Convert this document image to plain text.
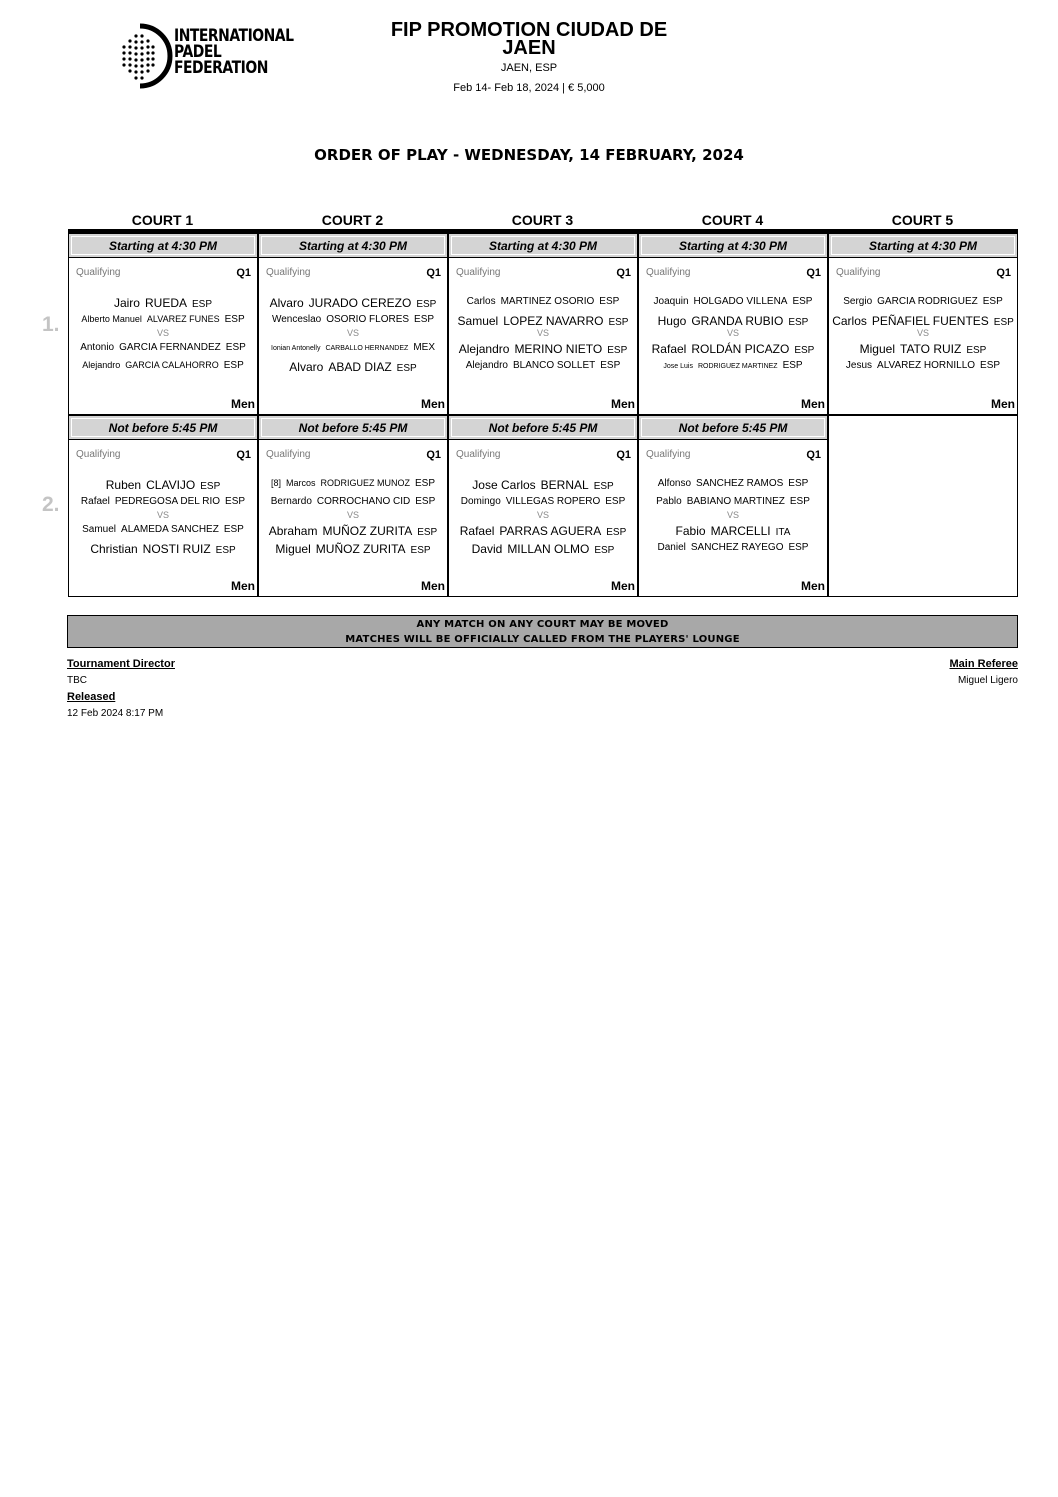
INTERNATIONAL
PADEL
FEDERATION
FIP PROMOTION CIUDAD DE
JAEN
JAEN, ESP
Feb 14- Feb 18, 2024 | € 5,000
ORDER OF PLAY - WEDNESDAY, 14 FEBRUARY, 2024
COURT 1	COURT 2	COURT 3	COURT 4	COURT 5
1.
Starting at 4:30 PM
Qualifying	Q1
Jairo RUEDA ESP
Alberto Manuel ALVAREZ FUNES ESP
Antonio GARCIA FERNANDEZ ESP
Alejandro GARCIA CALAHORRO ESP
VS
Men
Starting at 4:30 PM
Qualifying	Q1
Alvaro JURADO CEREZO ESP
Wenceslao OSORIO FLORES ESP
Ionian Antonelly CARBALLO HERNANDEZ MEX
Alvaro ABAD DIAZ ESP
VS
Men
Starting at 4:30 PM
Qualifying	Q1
Carlos MARTINEZ OSORIO ESP
Samuel LOPEZ NAVARRO ESP
Alejandro MERINO NIETO ESP
Alejandro BLANCO SOLLET ESP
VS
Men
Starting at 4:30 PM
Qualifying	Q1
Joaquin HOLGADO VILLENA ESP
Hugo GRANDA RUBIO ESP
Rafael ROLDÁN PICAZO ESP
Jose Luis RODRIGUEZ MARTINEZ ESP
VS
Men
Starting at 4:30 PM
Qualifying	Q1
Sergio GARCIA RODRIGUEZ ESP
Carlos PEÑAFIEL FUENTES ESP
Miguel TATO RUIZ ESP
Jesus ALVAREZ HORNILLO ESP
VS
Men
2.
Not before 5:45 PM
Qualifying	Q1
Ruben CLAVIJO ESP
Rafael PEDREGOSA DEL RIO ESP
Samuel ALAMEDA SANCHEZ ESP
Christian NOSTI RUIZ ESP
VS
Men
Not before 5:45 PM
Qualifying	Q1
[8] Marcos RODRIGUEZ MUNOZ ESP
Bernardo CORROCHANO CID ESP
Abraham MUÑOZ ZURITA ESP
Miguel MUÑOZ ZURITA ESP
VS
Men
Not before 5:45 PM
Qualifying	Q1
Jose Carlos BERNAL ESP
Domingo VILLEGAS ROPERO ESP
Rafael PARRAS AGUERA ESP
David MILLAN OLMO ESP
VS
Men
Not before 5:45 PM
Qualifying	Q1
Alfonso SANCHEZ RAMOS ESP
Pablo BABIANO MARTINEZ ESP
Fabio MARCELLI ITA
Daniel SANCHEZ RAYEGO ESP
VS
Men
ANY MATCH ON ANY COURT MAY BE MOVED
MATCHES WILL BE OFFICIALLY CALLED FROM THE PLAYERS' LOUNGE
Tournament Director
TBC
Released
12 Feb 2024 8:17 PM
Main Referee
Miguel Ligero
